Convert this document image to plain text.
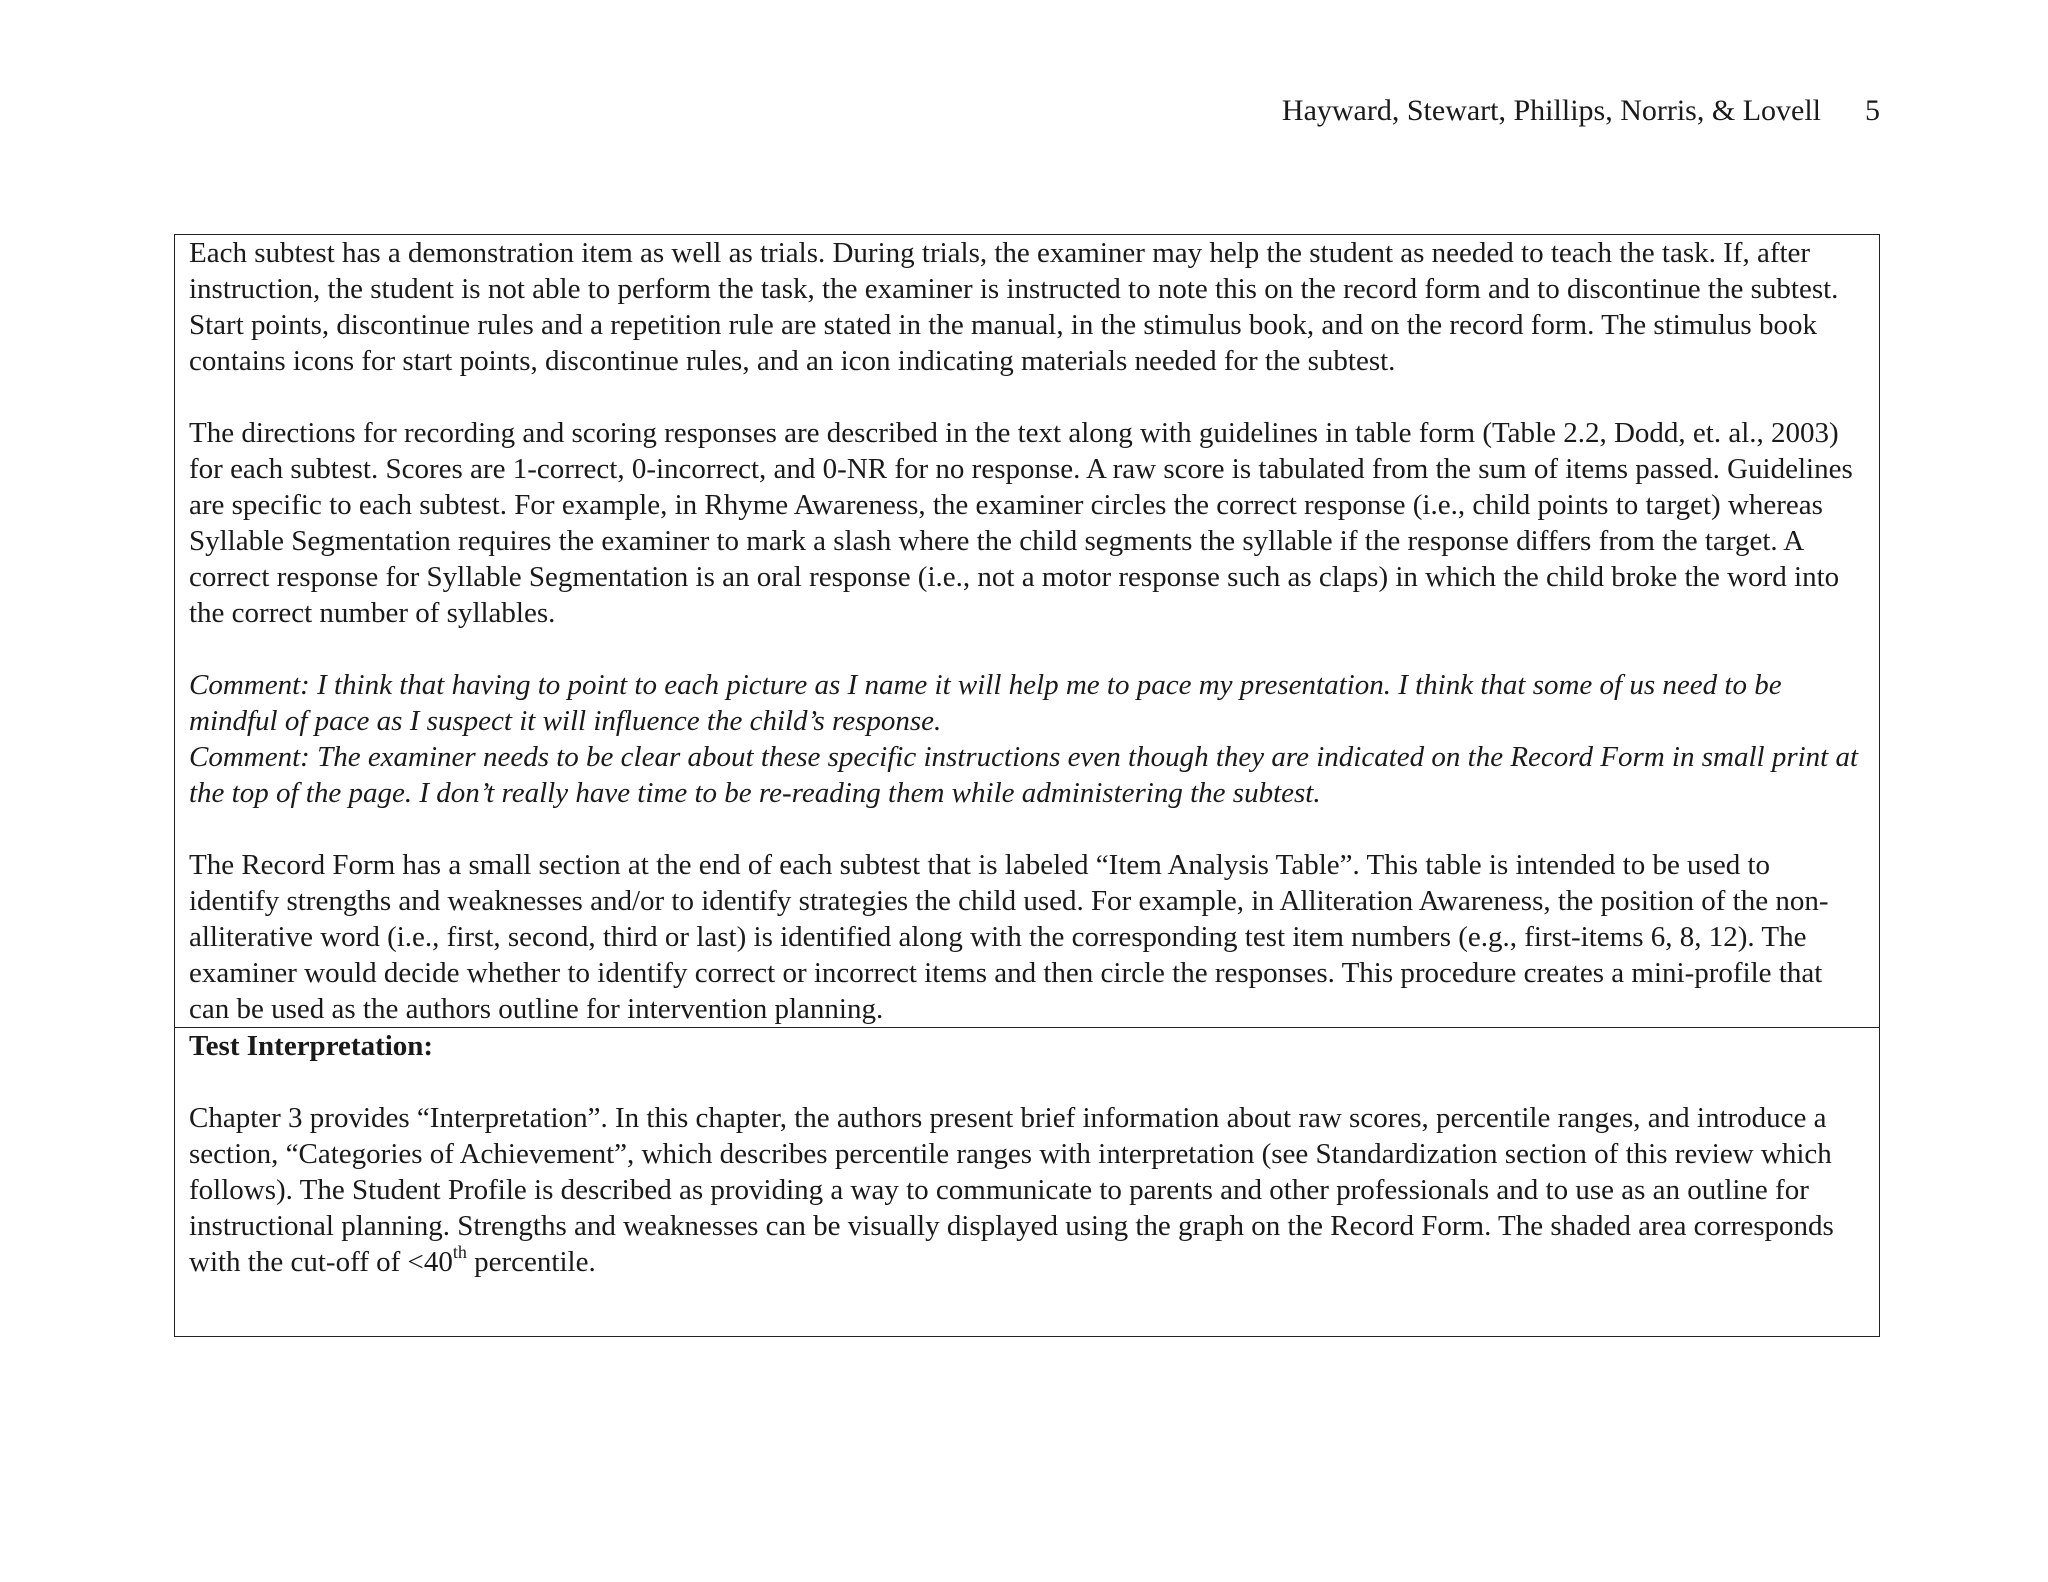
Hayward, Stewart, Phillips, Norris, & Lovell 5

Each subtest has a demonstration item as well as trials. During trials, the examiner may help the student as needed to teach the task. If, after instruction, the student is not able to perform the task, the examiner is instructed to note this on the record form and to discontinue the subtest. Start points, discontinue rules and a repetition rule are stated in the manual, in the stimulus book, and on the record form. The stimulus book contains icons for start points, discontinue rules, and an icon indicating materials needed for the subtest.

The directions for recording and scoring responses are described in the text along with guidelines in table form (Table 2.2, Dodd, et. al., 2003) for each subtest. Scores are 1-correct, 0-incorrect, and 0-NR for no response. A raw score is tabulated from the sum of items passed. Guidelines are specific to each subtest. For example, in Rhyme Awareness, the examiner circles the correct response (i.e., child points to target) whereas Syllable Segmentation requires the examiner to mark a slash where the child segments the syllable if the response differs from the target. A correct response for Syllable Segmentation is an oral response (i.e., not a motor response such as claps) in which the child broke the word into the correct number of syllables.

Comment: I think that having to point to each picture as I name it will help me to pace my presentation. I think that some of us need to be mindful of pace as I suspect it will influence the child’s response.

Comment: The examiner needs to be clear about these specific instructions even though they are indicated on the Record Form in small print at the top of the page. I don’t really have time to be re-reading them while administering the subtest.

The Record Form has a small section at the end of each subtest that is labeled “Item Analysis Table”. This table is intended to be used to identify strengths and weaknesses and/or to identify strategies the child used. For example, in Alliteration Awareness, the position of the non-alliterative word (i.e., first, second, third or last) is identified along with the corresponding test item numbers (e.g., first-items 6, 8, 12). The examiner would decide whether to identify correct or incorrect items and then circle the responses. This procedure creates a mini-profile that can be used as the authors outline for intervention planning.

Test Interpretation:

Chapter 3 provides “Interpretation”. In this chapter, the authors present brief information about raw scores, percentile ranges, and introduce a section, “Categories of Achievement”, which describes percentile ranges with interpretation (see Standardization section of this review which follows). The Student Profile is described as providing a way to communicate to parents and other professionals and to use as an outline for instructional planning. Strengths and weaknesses can be visually displayed using the graph on the Record Form. The shaded area corresponds with the cut-off of <40th percentile.
